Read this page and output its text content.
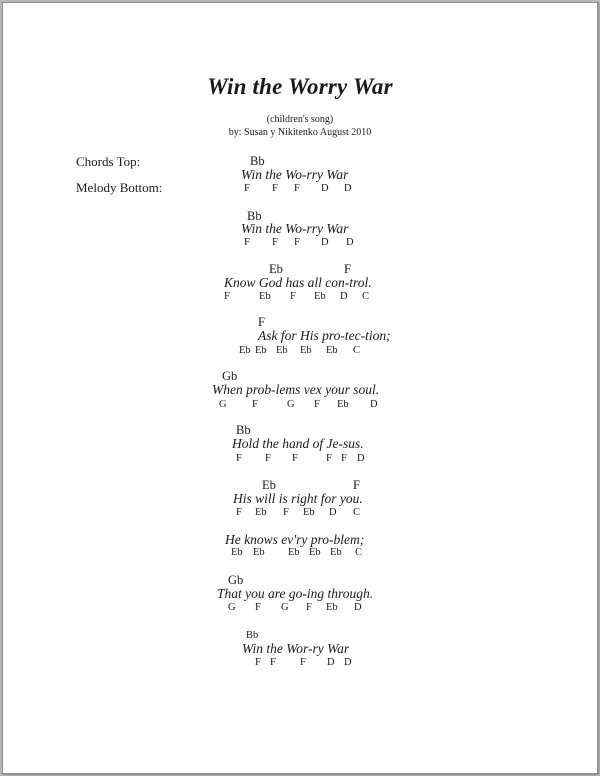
Win the Worry War
(children's song)
by: Susan y Nikitenko August 2010
Chords Top:
Melody Bottom:
Bb
Win the Wo-rry War
F F F D D
Bb
Win the Wo-rry War
F F F D D
Eb	F
Know God has all con-trol.
F	Eb F Eb D C
F
Ask for His pro-tec-tion;
Eb Eb Eb Eb Eb C
Gb
When prob-lems vex your soul.
G F	G F Eb D
Bb
Hold the hand of Je-sus.
F F F	F F D
Eb	F
His will is right for you.
F Eb F Eb D C
He knows ev'ry pro-blem;
Eb Eb Eb Eb Eb C
Gb
That you are go-ing through.
G F G F Eb D
Bb
Win the Wor-ry War
F F F D D
